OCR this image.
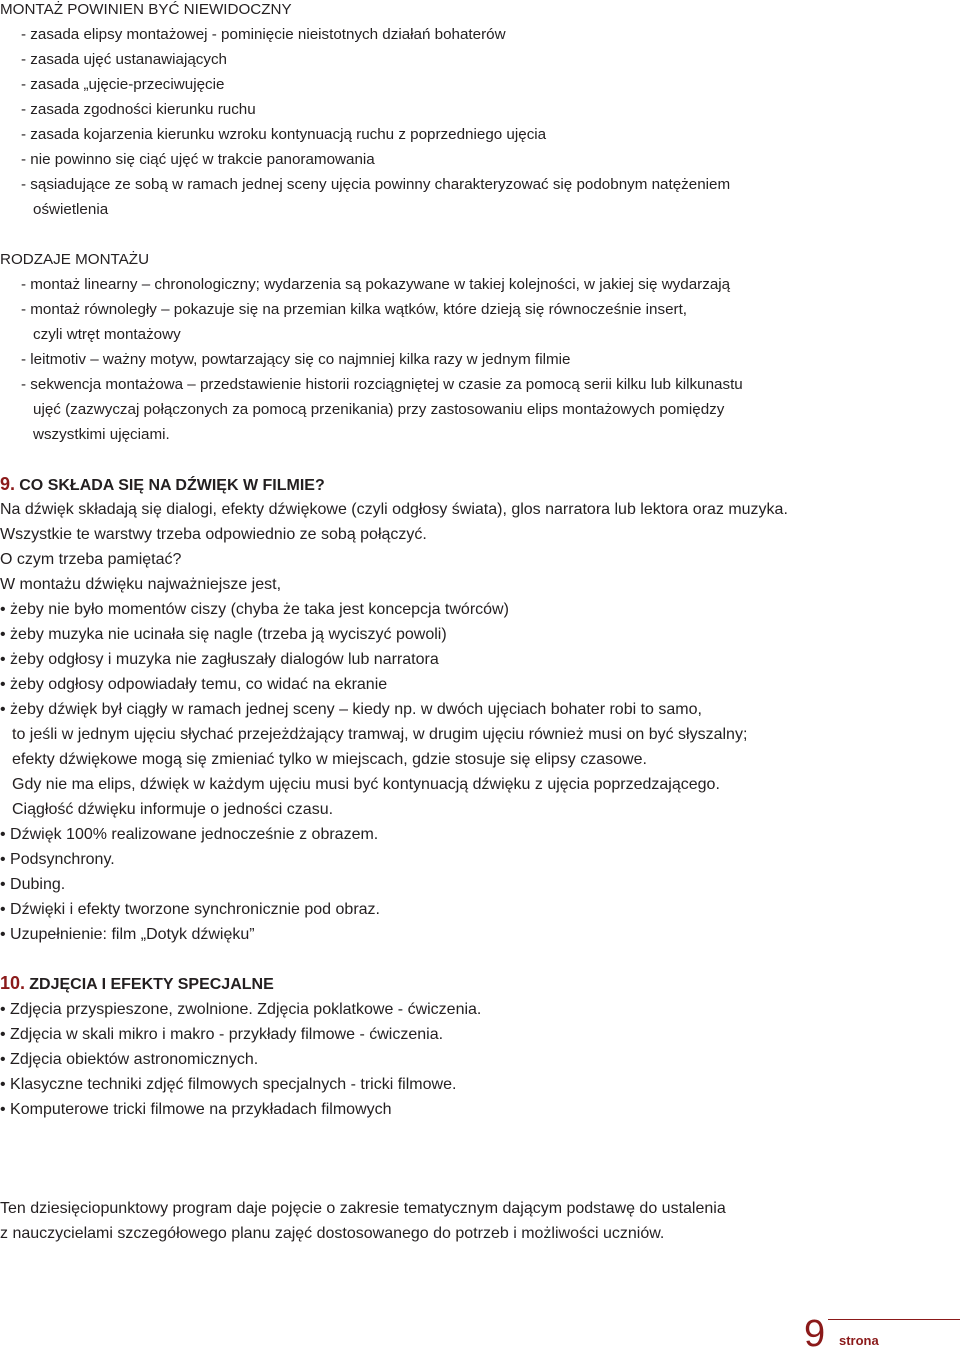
MONTAŻ POWINIEN BYĆ NIEWIDOCZNY
- zasada elipsy montażowej - pominięcie nieistotnych działań bohaterów
- zasada ujęć ustanawiających
- zasada „ujęcie-przeciwujęcie
- zasada zgodności kierunku ruchu
- zasada kojarzenia kierunku wzroku kontynuacją ruchu z poprzedniego ujęcia
- nie powinno się ciąć ujęć w trakcie panoramowania
- sąsiadujące ze sobą w ramach jednej sceny ujęcia powinny charakteryzować się podobnym natężeniem
oświetlenia
RODZAJE MONTAŻU
- montaż linearny – chronologiczny; wydarzenia są pokazywane w takiej kolejności, w jakiej się wydarzają
- montaż równoległy – pokazuje się na przemian kilka wątków, które dzieją się równocześnie insert,
czyli wtręt montażowy
- leitmotiv – ważny motyw, powtarzający się co najmniej kilka razy w jednym filmie
- sekwencja montażowa – przedstawienie historii rozciągniętej w czasie za pomocą serii kilku lub kilkunastu
ujęć (zazwyczaj połączonych za pomocą przenikania) przy zastosowaniu elips montażowych pomiędzy
wszystkimi ujęciami.
9. CO SKŁADA SIĘ NA DŹWIĘK W FILMIE?
Na dźwięk składają się dialogi, efekty dźwiękowe (czyli odgłosy świata), glos narratora lub lektora oraz muzyka.
Wszystkie te warstwy trzeba odpowiednio ze sobą połączyć.
O czym trzeba pamiętać?
W montażu dźwięku najważniejsze jest,
• żeby nie było momentów ciszy (chyba że taka jest koncepcja twórców)
• żeby muzyka nie ucinała się nagle (trzeba ją wyciszyć powoli)
• żeby odgłosy i muzyka nie zagłuszały dialogów lub narratora
• żeby odgłosy odpowiadały temu, co widać na ekranie
• żeby dźwięk był ciągły w ramach jednej sceny – kiedy np. w dwóch ujęciach bohater robi to samo,
to jeśli w jednym ujęciu słychać przejeżdżający tramwaj, w drugim ujęciu również musi on być słyszalny;
efekty dźwiękowe mogą się zmieniać tylko w miejscach, gdzie stosuje się elipsy czasowe.
Gdy nie ma elips, dźwięk w każdym ujęciu musi być kontynuacją dźwięku z ujęcia poprzedzającego.
Ciągłość dźwięku informuje o jedności czasu.
• Dźwięk 100% realizowane jednocześnie z obrazem.
• Podsynchrony.
• Dubing.
• Dźwięki i efekty tworzone synchronicznie pod obraz.
• Uzupełnienie: film „Dotyk dźwięku”
10. ZDJĘCIA I EFEKTY SPECJALNE
• Zdjęcia przyspieszone, zwolnione. Zdjęcia poklatkowe - ćwiczenia.
• Zdjęcia w skali mikro i makro - przykłady filmowe - ćwiczenia.
• Zdjęcia obiektów astronomicznych.
• Klasyczne techniki zdjęć filmowych specjalnych - tricki filmowe.
• Komputerowe tricki filmowe na przykładach filmowych
Ten dziesięciopunktowy program daje pojęcie o zakresie tematycznym dającym podstawę do ustalenia
z nauczycielami szczegółowego planu zajęć dostosowanego do potrzeb i możliwości uczniów.
9 strona
